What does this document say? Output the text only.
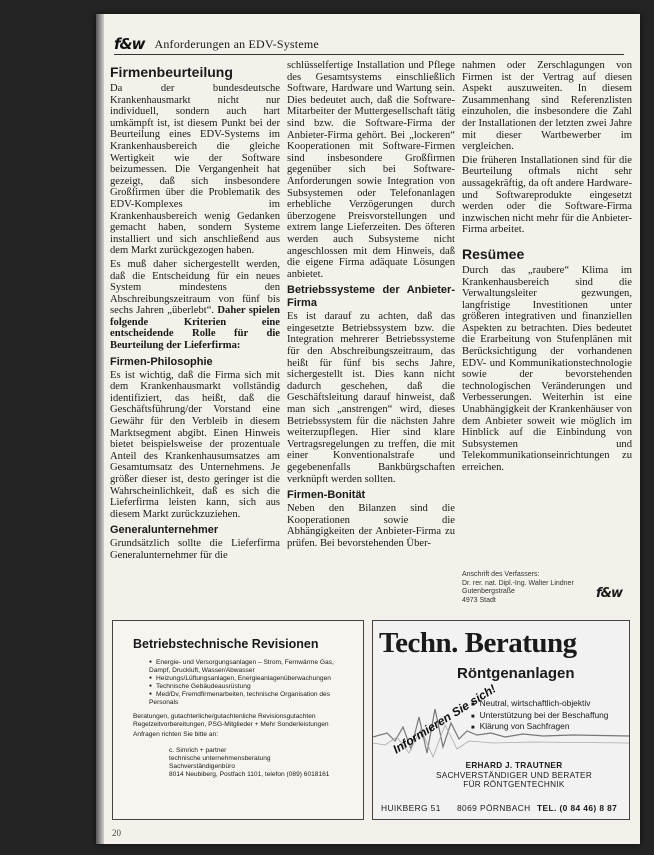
f&w Anforderungen an EDV-Systeme
Firmenbeurteilung

Da der bundesdeutsche Krankenhausmarkt nicht nur individuell, sondern auch hart umkämpft ist, ist diesem Punkt bei der Beurteilung eines EDV-Systems im Krankenhausbereich die gleiche Wertigkeit wie der Software beizumessen. Die Vergangenheit hat gezeigt, daß sich insbesondere Großfirmen über die Problematik des EDV-Komplexes im Krankenhausbereich wenig Gedanken gemacht haben, sondern Systeme installiert und sich anschließend aus dem Markt zurückgezogen haben.

Es muß daher sichergestellt werden, daß die Entscheidung für ein neues System mindestens den Abschreibungszeitraum von fünf bis sechs Jahren „überlebt“. Daher spielen folgende Kriterien eine entscheidende Rolle für die Beurteilung der Lieferfirma:

Firmen-Philosophie

Es ist wichtig, daß die Firma sich mit dem Krankenhausmarkt vollständig identifiziert, das heißt, daß die Geschäftsführung/der Vorstand eine Gewähr für den Verbleib in diesem Marktsegment abgibt. Einen Hinweis bietet beispielsweise der prozentuale Anteil des Krankenhausumsatzes am Gesamtumsatz des Unternehmens. Je größer dieser ist, desto geringer ist die Wahrscheinlichkeit, daß es sich die Lieferfirma leisten kann, sich aus diesem Markt zurückzuziehen.

Generalunternehmer

Grundsätzlich sollte die Lieferfirma Generalunternehmer für die

schlüsselfertige Installation und Pflege des Gesamtsystems einschließlich Software, Hardware und Wartung sein. Dies bedeutet auch, daß die Software-Mitarbeiter der Muttergesellschaft tätig sind bzw. die Software-Firma der Anbieter-Firma gehört. Bei „lockeren“ Kooperationen mit Software-Firmen sind insbesondere Großfirmen gegenüber sich bei Software-Anforderungen sowie Integration von Subsystemen oder Telefonanlagen erhebliche Verzögerungen durch überzogene Preisvorstellungen und extrem lange Lieferzeiten. Des öfteren werden auch Subsysteme nicht angeschlossen mit dem Hinweis, daß die eigene Firma adäquate Lösungen anbietet.

Betriebssysteme der Anbieter-Firma

Es ist darauf zu achten, daß das eingesetzte Betriebssystem bzw. die Integration mehrerer Betriebssysteme für den Abschreibungszeitraum, das heißt für fünf bis sechs Jahre, sichergestellt ist. Dies kann nicht dadurch geschehen, daß die Geschäftsleitung darauf hinweist, daß man sich „anstrengen“ wird, dieses Betriebssystem für die nächsten Jahre weiterzupflegen. Hier sind klare Vertragsregelungen zu treffen, die mit einer Konventionalstrafe und gegebenenfalls Bankbürgschaften verknüpft werden sollten.

Firmen-Bonität

Neben den Bilanzen sind die Kooperationen sowie die Abhängigkeiten der Anbieter-Firma zu prüfen. Bei bevorstehenden Über-

nahmen oder Zerschlagungen von Firmen ist der Vertrag auf diesen Aspekt auszuweiten. In diesem Zusammenhang sind Referenzlisten einzuholen, die insbesondere die Zahl der Installationen der letzten zwei Jahre mit dieser Wartbewerber im vergleichen.

Die früheren Installationen sind für die Beurteilung oftmals nicht sehr aussagekräftig, da oft andere Hardware- und Softwareprodukte eingesetzt werden oder die Software-Firma inzwischen nicht mehr für die Anbieter-Firma arbeitet.

Resümee

Durch das „raubere“ Klima im Krankenhausbereich sind die Verwaltungsleiter gezwungen, langfristige Investitionen unter größeren integrativen und finanziellen Aspekten zu betrachten. Dies bedeutet die Erarbeitung von Stufenplänen mit Berücksichtigung der vorhandenen EDV- und Kommunikationstechnologie sowie der bevorstehenden technologischen Veränderungen und Verbesserungen. Weiterhin ist eine Unabhängigkeit der Krankenhäuser von dem Anbieter soweit wie möglich im Hinblick auf die Einbindung von Subsystemen und Telekommunikationseinrichtungen zu erreichen.

Anschrift des Verfassers:
Dr. rer. nat. Dipl.-Ing. Walter Lindner
Gutenbergstraße
4973 Stadt	f&w
Betriebstechnische Revisionen
● Energie- und Versorgungsanlagen – Strom, Fernwärme Gas, Dampf, Druckluft, Wasser/Abwasser
● Heizungs/Lüftungsanlagen, Energieanlagenüberwachungen
● Technische Gebäudeausrüstung
● Med/Dv, Fremdfirmenarbeiten, technische Organisation des Personals
Beratungen, gutachterliche/gutachtenliche Revisionsgutachten Regelzeitvorbereitungen, PSG-Mitglieder + Mehr Sonderleistungen
Anfragen richten Sie bitte an:
c. Simrich + partner
technische unternehmensberatung
Sachverständigenbüro
8014 Neubiberg, Postfach 1101, telefon (089) 6018161
Techn. Beratung
Röntgenanlagen
■ Neutral, wirtschaftlich-objektiv
■ Unterstützung bei der Beschaffung
■ Klärung von Sachfragen
Informieren Sie sich!
ERHARD J. TRAUTNER
SACHVERSTÄNDIGER UND BERATER
FÜR RÖNTGENTECHNIK
HUIKBERG 51 8069 PÖRNBACH TEL. (0 84 46) 8 87
20
